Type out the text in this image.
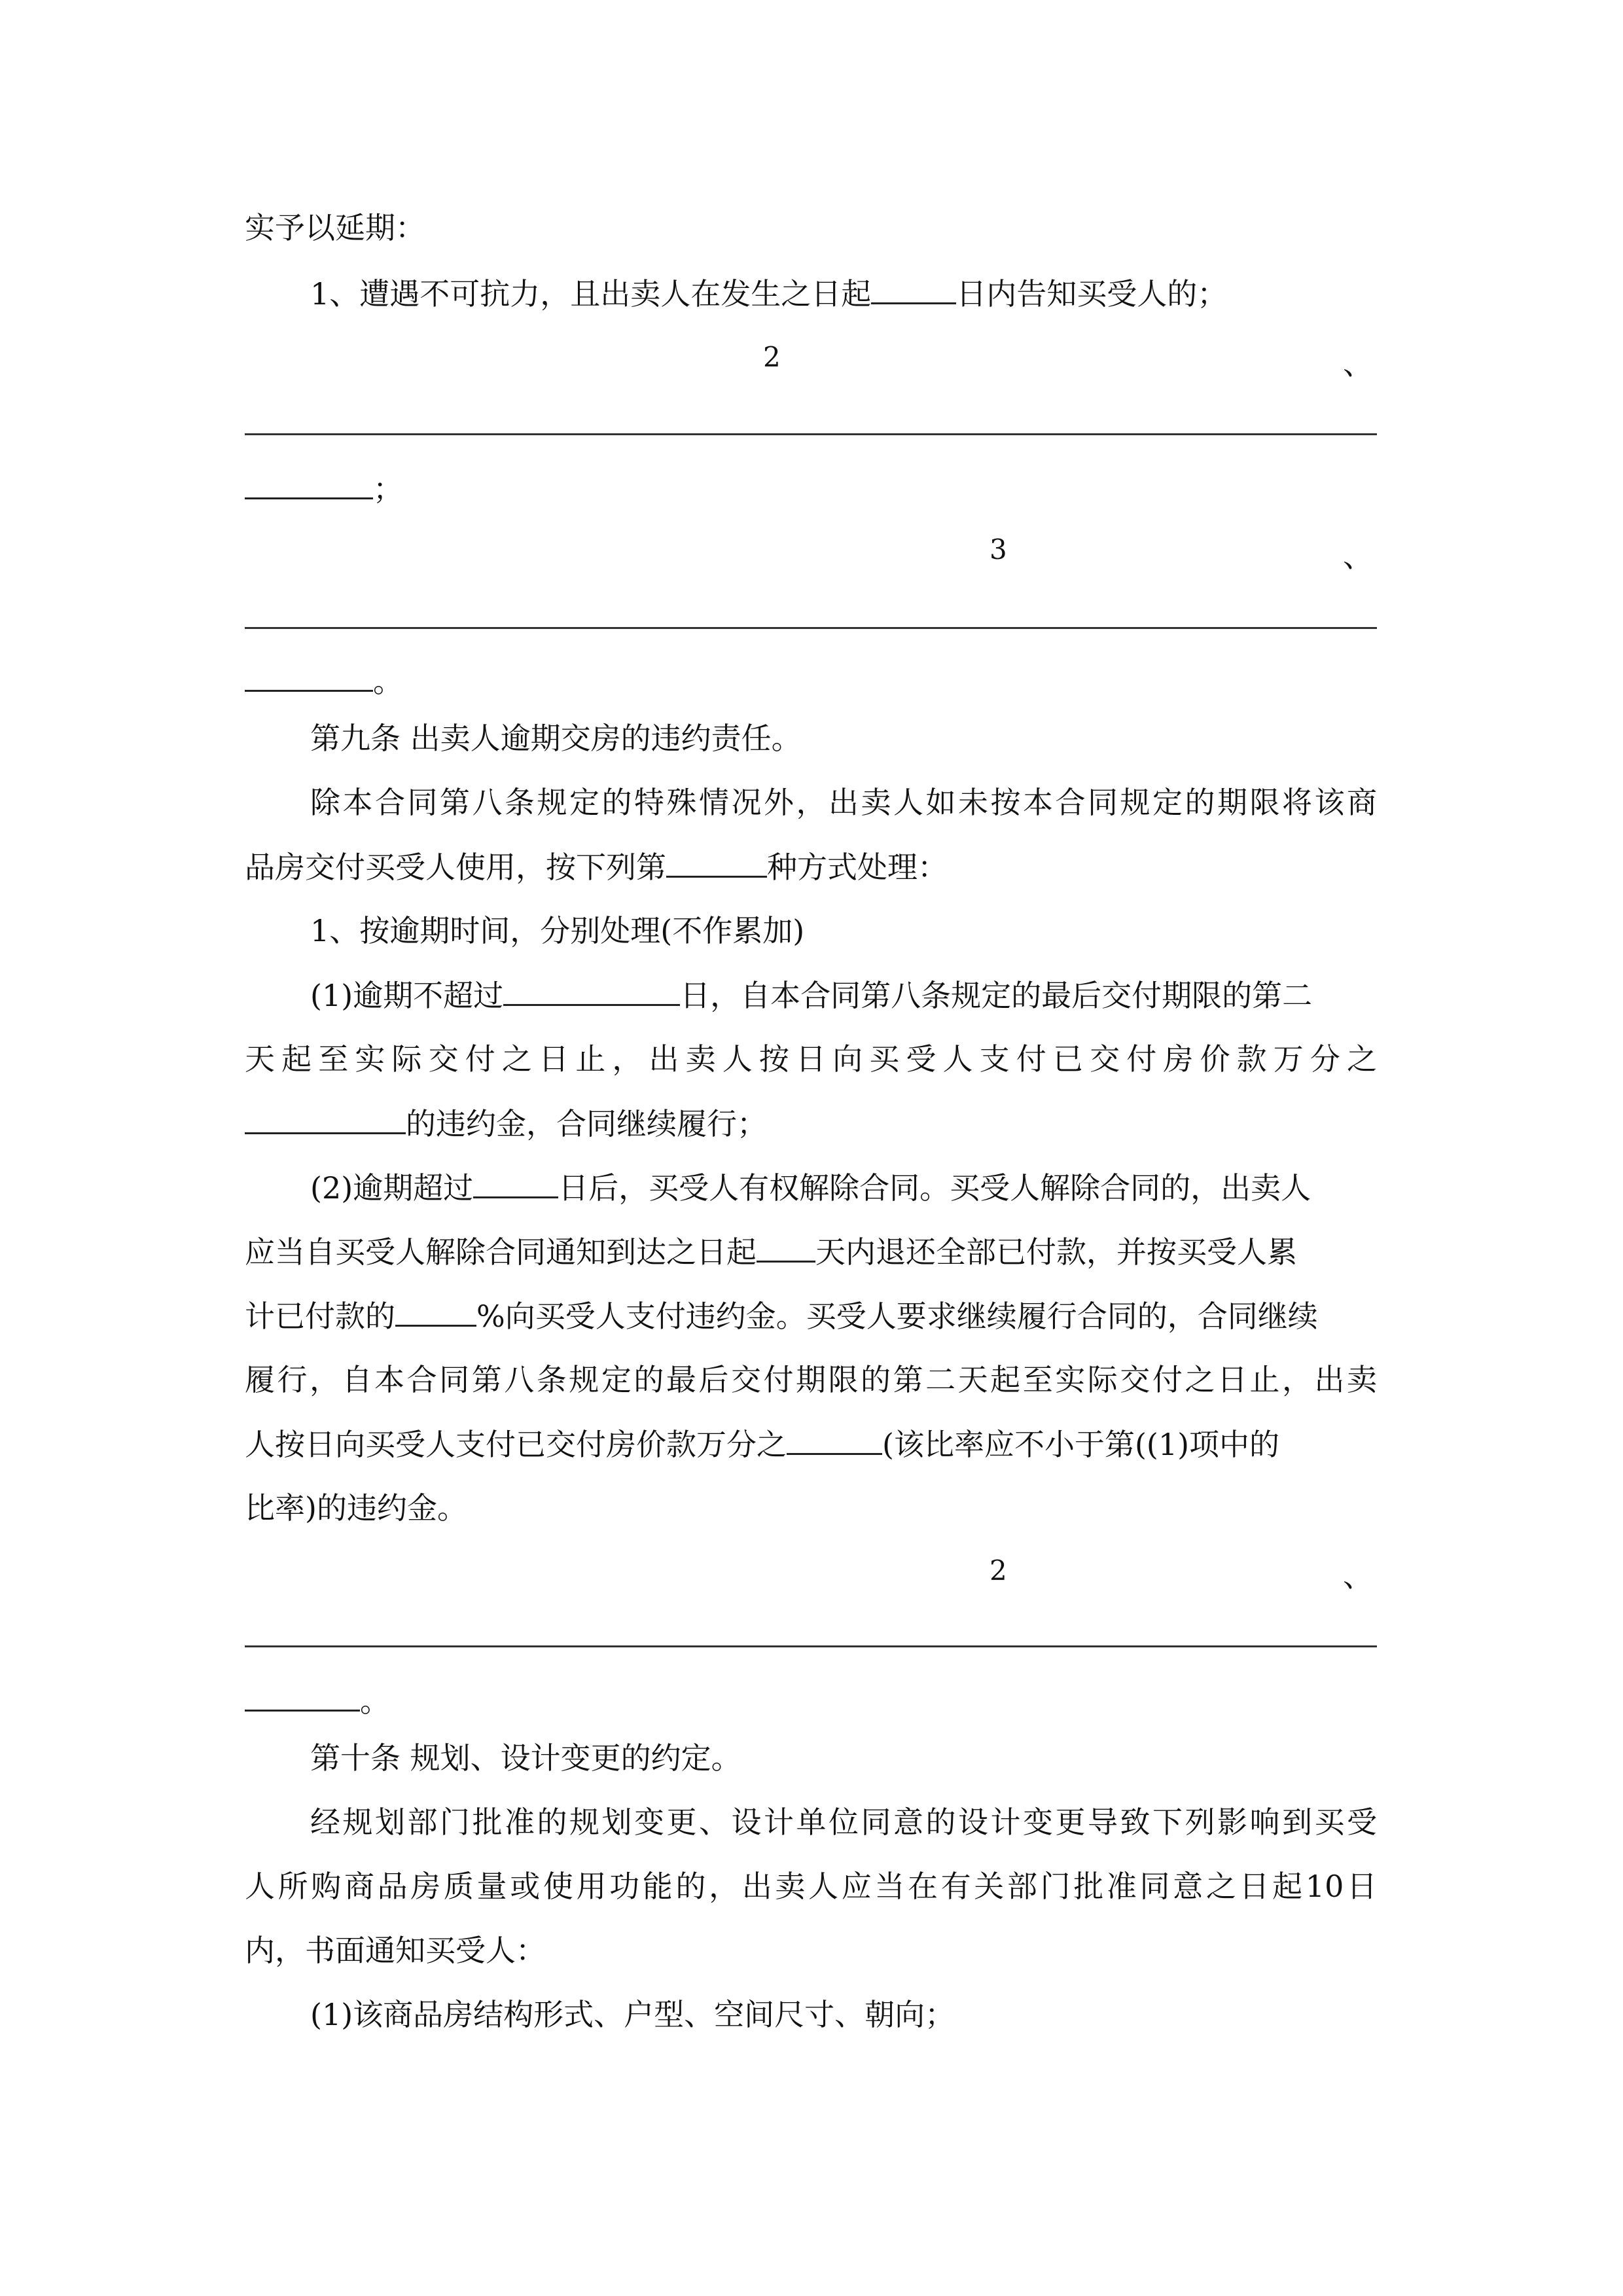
实予以延期：
1、遭遇不可抗力，且出卖人在发生之日起	日内告知买受人的；
2	、
；
3	、
。
第九条 出卖人逾期交房的违约责任。
除本合同第八条规定的特殊情况外，出卖人如未按本合同规定的期限将该商
品房交付买受人使用，按下列第	种方式处理：
1、按逾期时间，分别处理(不作累加)
(1)逾期不超过	日，自本合同第八条规定的最后交付期限的第二
天起至实际交付之日止，出卖人按日向买受人支付已交付房价款万分之
的违约金，合同继续履行；
(2)逾期超过	日后，买受人有权解除合同。买受人解除合同的，出卖人
应当自买受人解除合同通知到达之日起 天内退还全部已付款，并按买受人累
计已付款的	%向买受人支付违约金。买受人要求继续履行合同的，合同继续
履行，自本合同第八条规定的最后交付期限的第二天起至实际交付之日止，出卖
人按日向买受人支付已交付房价款万分之	(该比率应不小于第((1)项中的
比率)的违约金。
2	、
。
第十条 规划、设计变更的约定。
经规划部门批准的规划变更、设计单位同意的设计变更导致下列影响到买受
人所购商品房质量或使用功能的，出卖人应当在有关部门批准同意之日起10日
内，书面通知买受人：
(1)该商品房结构形式、户型、空间尺寸、朝向；
